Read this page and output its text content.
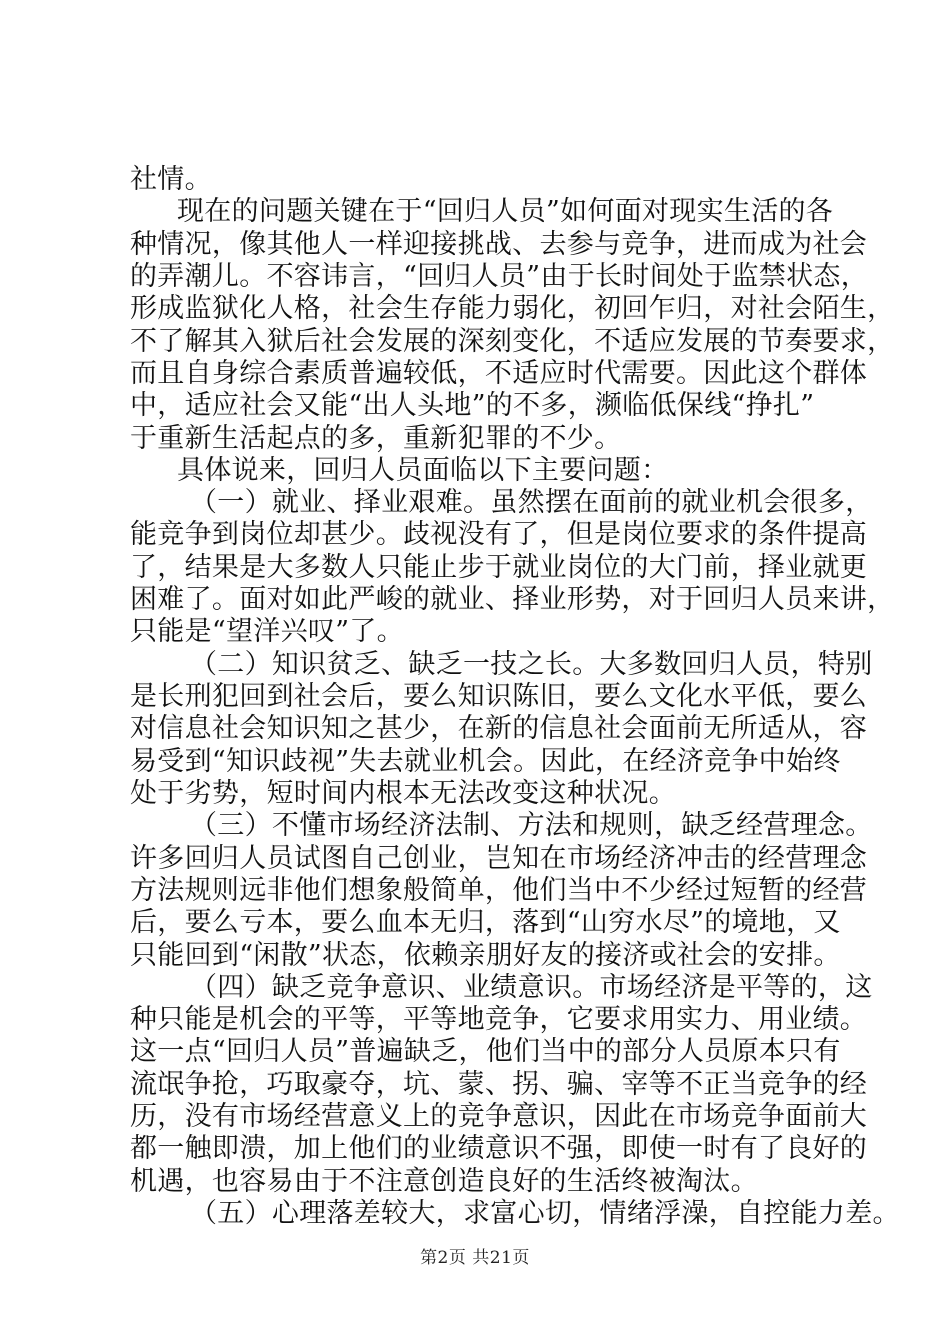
社情。
现在的问题关键在于“回归人员”如何面对现实生活的各
种情况，像其他人一样迎接挑战、去参与竞争，进而成为社会
的弄潮儿。不容讳言，“回归人员”由于长时间处于监禁状态，
形成监狱化人格，社会生存能力弱化，初回乍归，对社会陌生，
不了解其入狱后社会发展的深刻变化，不适应发展的节奏要求，
而且自身综合素质普遍较低，不适应时代需要。因此这个群体
中，适应社会又能“出人头地”的不多，濒临低保线“挣扎”
于重新生活起点的多，重新犯罪的不少。
具体说来，回归人员面临以下主要问题：
（一）就业、择业艰难。虽然摆在面前的就业机会很多，
能竞争到岗位却甚少。歧视没有了，但是岗位要求的条件提高
了，结果是大多数人只能止步于就业岗位的大门前，择业就更
困难了。面对如此严峻的就业、择业形势，对于回归人员来讲，
只能是“望洋兴叹”了。
（二）知识贫乏、缺乏一技之长。大多数回归人员，特别
是长刑犯回到社会后，要么知识陈旧，要么文化水平低，要么
对信息社会知识知之甚少，在新的信息社会面前无所适从，容
易受到“知识歧视”失去就业机会。因此，在经济竞争中始终
处于劣势，短时间内根本无法改变这种状况。
（三）不懂市场经济法制、方法和规则，缺乏经营理念。
许多回归人员试图自己创业，岂知在市场经济冲击的经营理念
方法规则远非他们想象般简单，他们当中不少经过短暂的经营
后，要么亏本，要么血本无归，落到“山穷水尽”的境地，又
只能回到“闲散”状态，依赖亲朋好友的接济或社会的安排。
（四）缺乏竞争意识、业绩意识。市场经济是平等的，这
种只能是机会的平等，平等地竞争，它要求用实力、用业绩。
这一点“回归人员”普遍缺乏，他们当中的部分人员原本只有
流氓争抢，巧取豪夺，坑、蒙、拐、骗、宰等不正当竞争的经
历，没有市场经营意义上的竞争意识，因此在市场竞争面前大
都一触即溃，加上他们的业绩意识不强，即使一时有了良好的
机遇，也容易由于不注意创造良好的生活终被淘汰。
（五）心理落差较大，求富心切，情绪浮澡，自控能力差。
第2页 共21页
